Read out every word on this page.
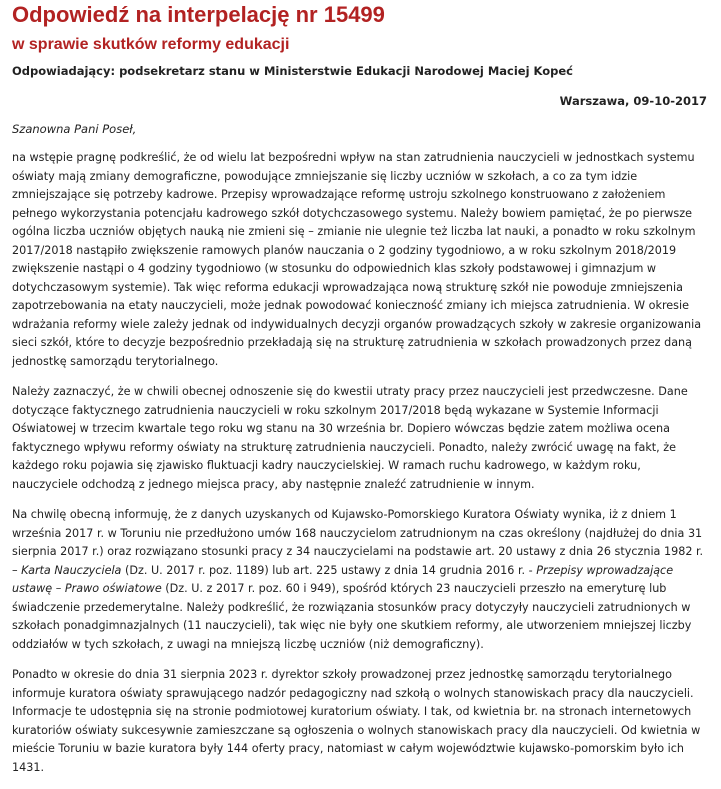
Odpowiedź na interpelację nr 15499
w sprawie skutków reformy edukacji

Odpowiadający: podsekretarz stanu w Ministerstwie Edukacji Narodowej Maciej Kopeć

Warszawa, 09-10-2017

Szanowna Pani Poseł,

na wstępie pragnę podkreślić, że od wielu lat bezpośredni wpływ na stan zatrudnienia nauczycieli w jednostkach systemu oświaty mają zmiany demograficzne, powodujące zmniejszanie się liczby uczniów w szkołach, a co za tym idzie zmniejszające się potrzeby kadrowe. Przepisy wprowadzające reformę ustroju szkolnego konstruowano z założeniem pełnego wykorzystania potencjału kadrowego szkół dotychczasowego systemu. Należy bowiem pamiętać, że po pierwsze ogólna liczba uczniów objętych nauką nie zmieni się – zmianie nie ulegnie też liczba lat nauki, a ponadto w roku szkolnym 2017/2018 nastąpiło zwiększenie ramowych planów nauczania o 2 godziny tygodniowo, a w roku szkolnym 2018/2019 zwiększenie nastąpi o 4 godziny tygodniowo (w stosunku do odpowiednich klas szkoły podstawowej i gimnazjum w dotychczasowym systemie). Tak więc reforma edukacji wprowadzająca nową strukturę szkół nie powoduje zmniejszenia zapotrzebowania na etaty nauczycieli, może jednak powodować konieczność zmiany ich miejsca zatrudnienia. W okresie wdrażania reformy wiele zależy jednak od indywidualnych decyzji organów prowadzących szkoły w zakresie organizowania sieci szkół, które to decyzje bezpośrednio przekładają się na strukturę zatrudnienia w szkołach prowadzonych przez daną jednostkę samorządu terytorialnego.

Należy zaznaczyć, że w chwili obecnej odnoszenie się do kwestii utraty pracy przez nauczycieli jest przedwczesne. Dane dotyczące faktycznego zatrudnienia nauczycieli w roku szkolnym 2017/2018 będą wykazane w Systemie Informacji Oświatowej w trzecim kwartale tego roku wg stanu na 30 września br. Dopiero wówczas będzie zatem możliwa ocena faktycznego wpływu reformy oświaty na strukturę zatrudnienia nauczycieli. Ponadto, należy zwrócić uwagę na fakt, że każdego roku pojawia się zjawisko fluktuacji kadry nauczycielskiej. W ramach ruchu kadrowego, w każdym roku, nauczyciele odchodzą z jednego miejsca pracy, aby następnie znaleźć zatrudnienie w innym.

Na chwilę obecną informuję, że z danych uzyskanych od Kujawsko-Pomorskiego Kuratora Oświaty wynika, iż z dniem 1 września 2017 r. w Toruniu nie przedłużono umów 168 nauczycielom zatrudnionym na czas określony (najdłużej do dnia 31 sierpnia 2017 r.) oraz rozwiązano stosunki pracy z 34 nauczycielami na podstawie art. 20 ustawy z dnia 26 stycznia 1982 r. – Karta Nauczyciela (Dz. U. 2017 r. poz. 1189) lub art. 225 ustawy z dnia 14 grudnia 2016 r. - Przepisy wprowadzające ustawę – Prawo oświatowe (Dz. U. z 2017 r. poz. 60 i 949), spośród których 23 nauczycieli przeszło na emeryturę lub świadczenie przedemerytalne. Należy podkreślić, że rozwiązania stosunków pracy dotyczyły nauczycieli zatrudnionych w szkołach ponadgimnazjalnych (11 nauczycieli), tak więc nie były one skutkiem reformy, ale utworzeniem mniejszej liczby oddziałów w tych szkołach, z uwagi na mniejszą liczbę uczniów (niż demograficzny).

Ponadto w okresie do dnia 31 sierpnia 2023 r. dyrektor szkoły prowadzonej przez jednostkę samorządu terytorialnego informuje kuratora oświaty sprawującego nadzór pedagogiczny nad szkołą o wolnych stanowiskach pracy dla nauczycieli. Informacje te udostępnia się na stronie podmiotowej kuratorium oświaty. I tak, od kwietnia br. na stronach internetowych kuratoriów oświaty sukcesywnie zamieszczane są ogłoszenia o wolnych stanowiskach pracy dla nauczycieli. Od kwietnia w mieście Toruniu w bazie kuratora były 144 oferty pracy, natomiast w całym województwie kujawsko-pomorskim było ich 1431.
